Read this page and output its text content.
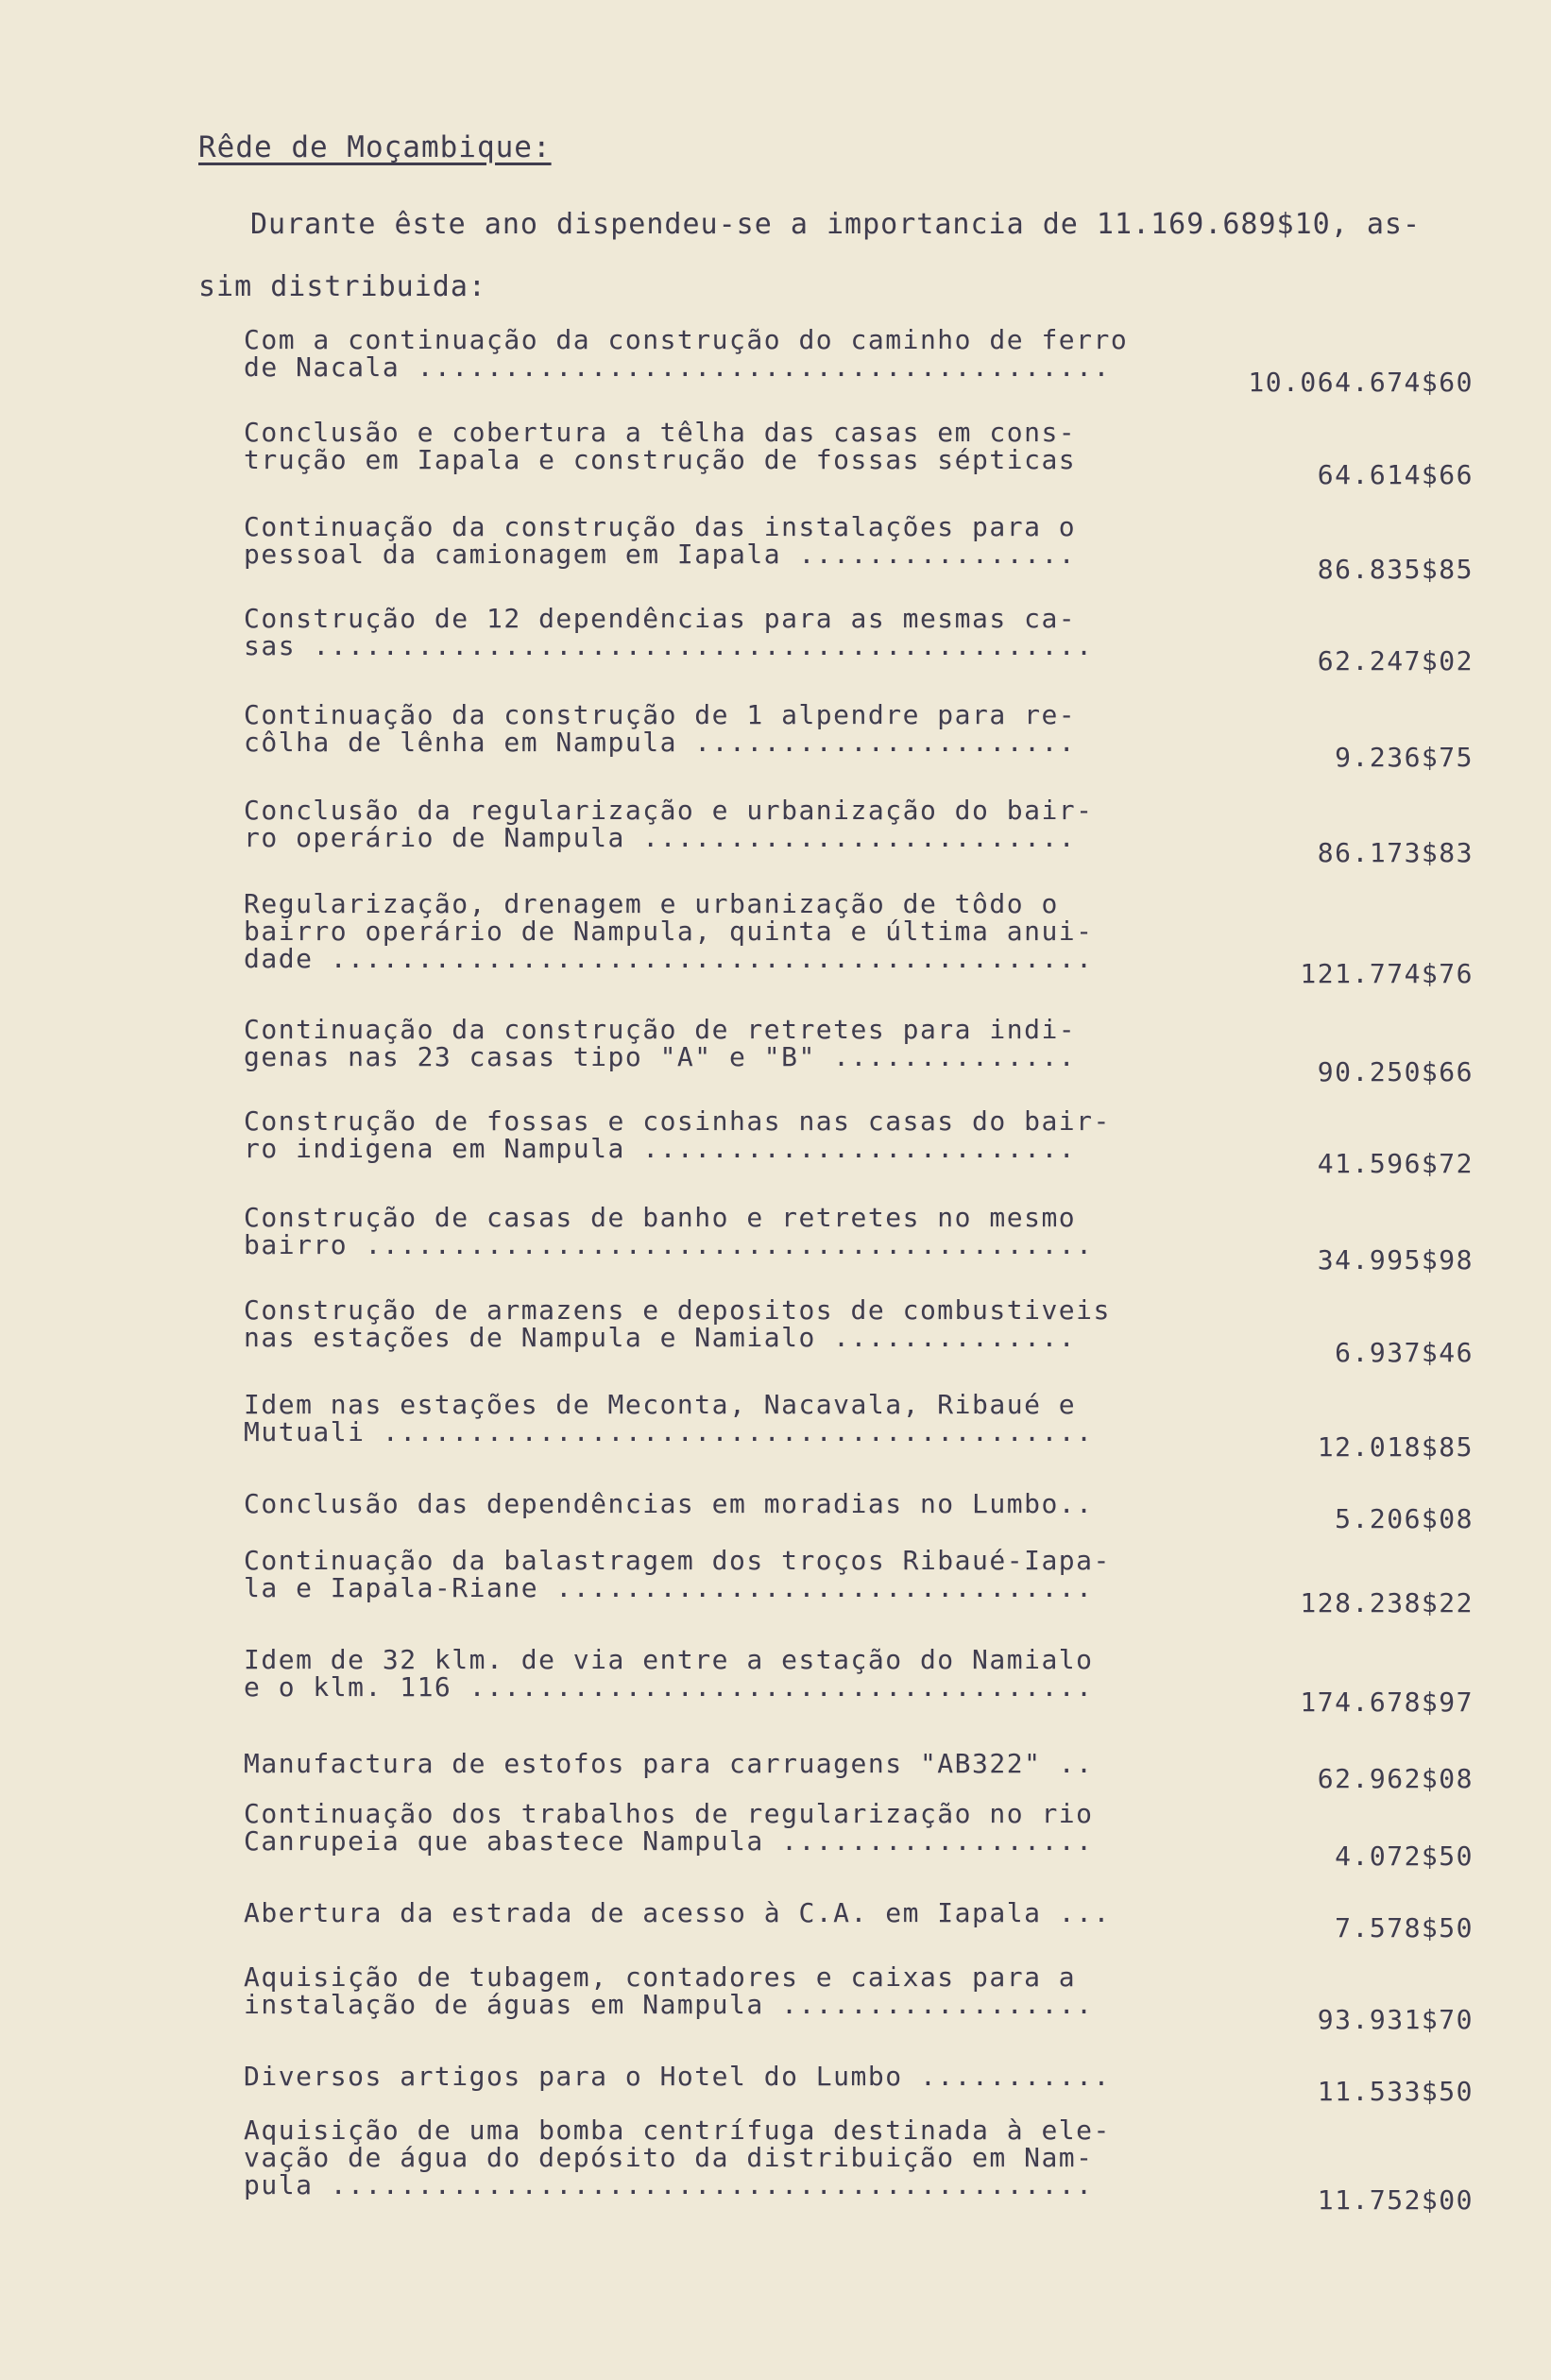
Rêde de Moçambique:
Durante êste ano dispendeu-se a importancia de 11.169.689$10, as-
sim distribuida:
Com a continuação da construção do caminho de ferro
de Nacala ........................................	10.064.674$60
Conclusão e cobertura a têlha das casas em cons-
trução em Iapala e construção de fossas sépticas	64.614$66
Continuação da construção das instalações para o
pessoal da camionagem em Iapala ................	86.835$85
Construção de 12 dependências para as mesmas ca-
sas .............................................	62.247$02
Continuação da construção de 1 alpendre para re-
côlha de lênha em Nampula ......................	9.236$75
Conclusão da regularização e urbanização do bair-
ro operário de Nampula .........................	86.173$83
Regularização, drenagem e urbanização de tôdo o
bairro operário de Nampula, quinta e última anui-
dade ............................................	121.774$76
Continuação da construção de retretes para indi-
genas nas 23 casas tipo "A" e "B" ..............	90.250$66
Construção de fossas e cosinhas nas casas do bair-
ro indigena em Nampula .........................	41.596$72
Construção de casas de banho e retretes no mesmo
bairro ..........................................	34.995$98
Construção de armazens e depositos de combustiveis
nas estações de Nampula e Namialo ..............	6.937$46
Idem nas estações de Meconta, Nacavala, Ribaué e
Mutuali .........................................	12.018$85
Conclusão das dependências em moradias no Lumbo..	5.206$08
Continuação da balastragem dos troços Ribaué-Iapa-
la e Iapala-Riane ...............................	128.238$22
Idem de 32 klm. de via entre a estação do Namialo
e o klm. 116 ....................................	174.678$97
Manufactura de estofos para carruagens "AB322" ..	62.962$08
Continuação dos trabalhos de regularização no rio
Canrupeia que abastece Nampula ..................	4.072$50
Abertura da estrada de acesso à C.A. em Iapala ...	7.578$50
Aquisição de tubagem, contadores e caixas para a
instalação de águas em Nampula ..................	93.931$70
Diversos artigos para o Hotel do Lumbo ...........	11.533$50
Aquisição de uma bomba centrífuga destinada à ele-
vação de água do depósito da distribuição em Nam-
pula ............................................	11.752$00
